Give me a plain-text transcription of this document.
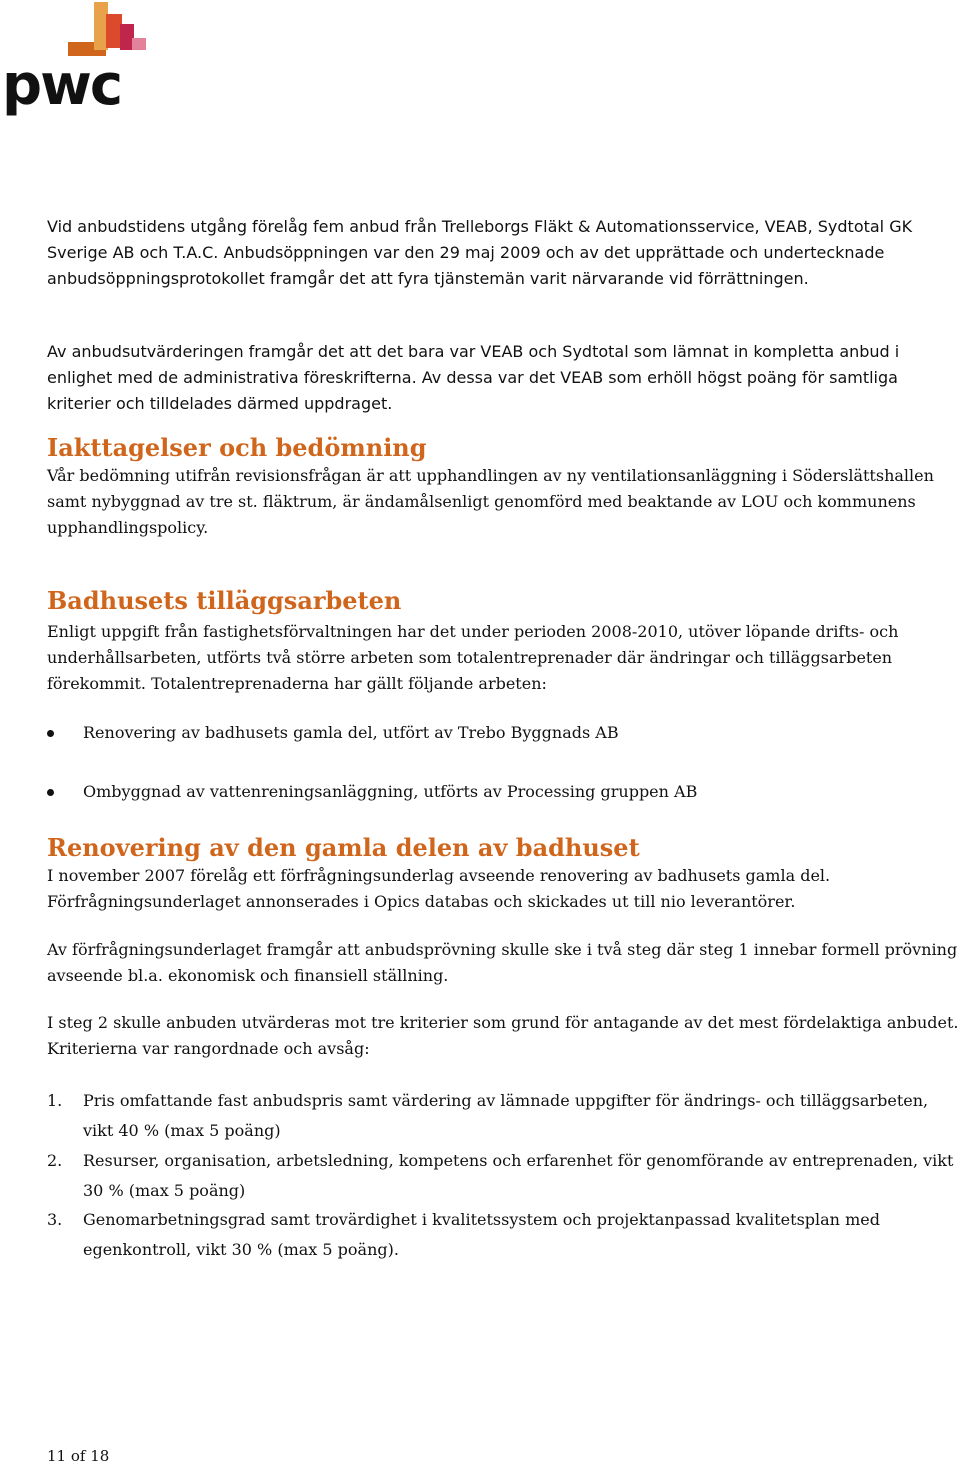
pwc

Vid anbudstidens utgång förelåg fem anbud från Trelleborgs Fläkt & Automationsservice, VEAB, Sydtotal GK Sverige AB och T.A.C. Anbudsöppningen var den 29 maj 2009 och av det upprättade och undertecknade anbudsöppningsprotokollet framgår det att fyra tjänstemän varit närvarande vid förrättningen.

Av anbudsutvärderingen framgår det att det bara var VEAB och Sydtotal som lämnat in kompletta anbud i enlighet med de administrativa föreskrifterna. Av dessa var det VEAB som erhöll högst poäng för samtliga kriterier och tilldelades därmed uppdraget.

Iakttagelser och bedömning

Vår bedömning utifrån revisionsfrågan är att upphandlingen av ny ventilationsanläggning i Söderslättshallen samt nybyggnad av tre st. fläktrum, är ändamålsenligt genomförd med beaktande av LOU och kommunens upphandlingspolicy.

Badhusets tilläggsarbeten

Enligt uppgift från fastighetsförvaltningen har det under perioden 2008-2010, utöver löpande drifts- och underhållsarbeten, utförts två större arbeten som totalentreprenader där ändringar och tilläggsarbeten förekommit. Totalentreprenaderna har gällt följande arbeten:

Renovering av badhusets gamla del, utfört av Trebo Byggnads AB
Ombyggnad av vattenreningsanläggning, utförts av Processing gruppen AB
Renovering av den gamla delen av badhuset

I november 2007 förelåg ett förfrågningsunderlag avseende renovering av badhusets gamla del. Förfrågningsunderlaget annonserades i Opics databas och skickades ut till nio leverantörer.

Av förfrågningsunderlaget framgår att anbudsprövning skulle ske i två steg där steg 1 innebar formell prövning avseende bl.a. ekonomisk och finansiell ställning.

I steg 2 skulle anbuden utvärderas mot tre kriterier som grund för antagande av det mest fördelaktiga anbudet. Kriterierna var rangordnade och avsåg:

1. Pris omfattande fast anbudspris samt värdering av lämnade uppgifter för ändrings- och tilläggsarbeten, vikt 40 % (max 5 poäng)
2. Resurser, organisation, arbetsledning, kompetens och erfarenhet för genomförande av entreprenaden, vikt 30 % (max 5 poäng)
3. Genomarbetningsgrad samt trovärdighet i kvalitetssystem och projektanpassad kvalitetsplan med egenkontroll, vikt 30 % (max 5 poäng).
11 of 18
